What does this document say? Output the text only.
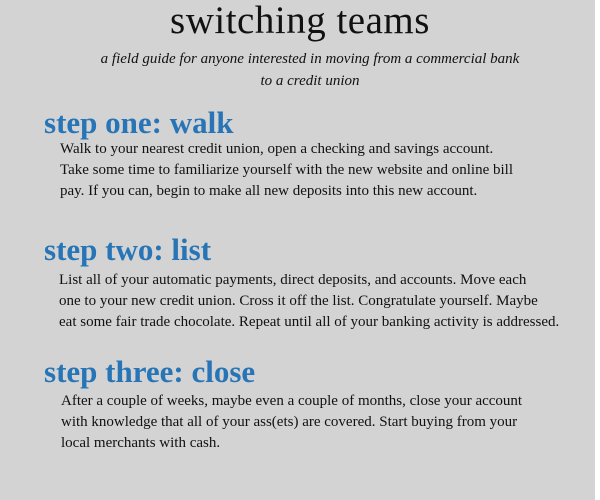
switching teams
a field guide for anyone interested in moving from a commercial bank
to a credit union
step one: walk
Walk to your nearest credit union, open a checking and savings account.
Take some time to familiarize yourself with the new website and online bill
pay. If you can, begin to make all new deposits into this new account.
step two: list
List all of your automatic payments, direct deposits, and accounts. Move each
one to your new credit union. Cross it off the list. Congratulate yourself. Maybe
eat some fair trade chocolate. Repeat until all of your banking activity is addressed.
step three: close
After a couple of weeks, maybe even a couple of months, close your account
with knowledge that all of your ass(ets) are covered. Start buying from your
local merchants with cash.
